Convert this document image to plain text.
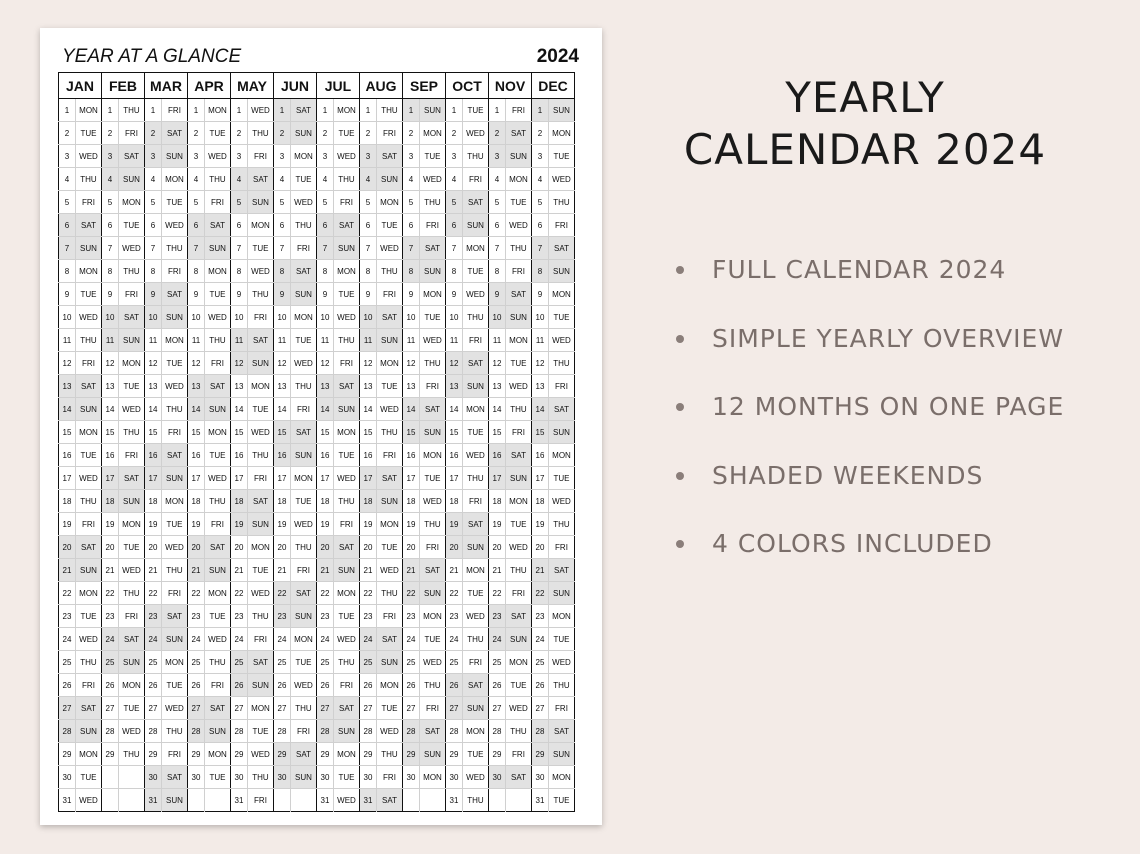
YEAR AT A GLANCE	2024
JAN		FEB		MAR		APR		MAY		JUN		JUL		AUG		SEP		OCT		NOV		DEC	
1	MON	1	THU	1	FRI	1	MON	1	WED	1	SAT	1	MON	1	THU	1	SUN	1	TUE	1	FRI	1	SUN
2	TUE	2	FRI	2	SAT	2	TUE	2	THU	2	SUN	2	TUE	2	FRI	2	MON	2	WED	2	SAT	2	MON
3	WED	3	SAT	3	SUN	3	WED	3	FRI	3	MON	3	WED	3	SAT	3	TUE	3	THU	3	SUN	3	TUE
4	THU	4	SUN	4	MON	4	THU	4	SAT	4	TUE	4	THU	4	SUN	4	WED	4	FRI	4	MON	4	WED
5	FRI	5	MON	5	TUE	5	FRI	5	SUN	5	WED	5	FRI	5	MON	5	THU	5	SAT	5	TUE	5	THU
6	SAT	6	TUE	6	WED	6	SAT	6	MON	6	THU	6	SAT	6	TUE	6	FRI	6	SUN	6	WED	6	FRI
7	SUN	7	WED	7	THU	7	SUN	7	TUE	7	FRI	7	SUN	7	WED	7	SAT	7	MON	7	THU	7	SAT
8	MON	8	THU	8	FRI	8	MON	8	WED	8	SAT	8	MON	8	THU	8	SUN	8	TUE	8	FRI	8	SUN
9	TUE	9	FRI	9	SAT	9	TUE	9	THU	9	SUN	9	TUE	9	FRI	9	MON	9	WED	9	SAT	9	MON
10	WED	10	SAT	10	SUN	10	WED	10	FRI	10	MON	10	WED	10	SAT	10	TUE	10	THU	10	SUN	10	TUE
11	THU	11	SUN	11	MON	11	THU	11	SAT	11	TUE	11	THU	11	SUN	11	WED	11	FRI	11	MON	11	WED
12	FRI	12	MON	12	TUE	12	FRI	12	SUN	12	WED	12	FRI	12	MON	12	THU	12	SAT	12	TUE	12	THU
13	SAT	13	TUE	13	WED	13	SAT	13	MON	13	THU	13	SAT	13	TUE	13	FRI	13	SUN	13	WED	13	FRI
14	SUN	14	WED	14	THU	14	SUN	14	TUE	14	FRI	14	SUN	14	WED	14	SAT	14	MON	14	THU	14	SAT
15	MON	15	THU	15	FRI	15	MON	15	WED	15	SAT	15	MON	15	THU	15	SUN	15	TUE	15	FRI	15	SUN
16	TUE	16	FRI	16	SAT	16	TUE	16	THU	16	SUN	16	TUE	16	FRI	16	MON	16	WED	16	SAT	16	MON
17	WED	17	SAT	17	SUN	17	WED	17	FRI	17	MON	17	WED	17	SAT	17	TUE	17	THU	17	SUN	17	TUE
18	THU	18	SUN	18	MON	18	THU	18	SAT	18	TUE	18	THU	18	SUN	18	WED	18	FRI	18	MON	18	WED
19	FRI	19	MON	19	TUE	19	FRI	19	SUN	19	WED	19	FRI	19	MON	19	THU	19	SAT	19	TUE	19	THU
20	SAT	20	TUE	20	WED	20	SAT	20	MON	20	THU	20	SAT	20	TUE	20	FRI	20	SUN	20	WED	20	FRI
21	SUN	21	WED	21	THU	21	SUN	21	TUE	21	FRI	21	SUN	21	WED	21	SAT	21	MON	21	THU	21	SAT
22	MON	22	THU	22	FRI	22	MON	22	WED	22	SAT	22	MON	22	THU	22	SUN	22	TUE	22	FRI	22	SUN
23	TUE	23	FRI	23	SAT	23	TUE	23	THU	23	SUN	23	TUE	23	FRI	23	MON	23	WED	23	SAT	23	MON
24	WED	24	SAT	24	SUN	24	WED	24	FRI	24	MON	24	WED	24	SAT	24	TUE	24	THU	24	SUN	24	TUE
25	THU	25	SUN	25	MON	25	THU	25	SAT	25	TUE	25	THU	25	SUN	25	WED	25	FRI	25	MON	25	WED
26	FRI	26	MON	26	TUE	26	FRI	26	SUN	26	WED	26	FRI	26	MON	26	THU	26	SAT	26	TUE	26	THU
27	SAT	27	TUE	27	WED	27	SAT	27	MON	27	THU	27	SAT	27	TUE	27	FRI	27	SUN	27	WED	27	FRI
28	SUN	28	WED	28	THU	28	SUN	28	TUE	28	FRI	28	SUN	28	WED	28	SAT	28	MON	28	THU	28	SAT
29	MON	29	THU	29	FRI	29	MON	29	WED	29	SAT	29	MON	29	THU	29	SUN	29	TUE	29	FRI	29	SUN
30	TUE			30	SAT	30	TUE	30	THU	30	SUN	30	TUE	30	FRI	30	MON	30	WED	30	SAT	30	MON
31	WED			31	SUN			31	FRI			31	WED	31	SAT			31	THU			31	TUE
YEARLY
CALENDAR 2024
FULL CALENDAR 2024
SIMPLE YEARLY OVERVIEW
12 MONTHS ON ONE PAGE
SHADED WEEKENDS
4 COLORS INCLUDED
